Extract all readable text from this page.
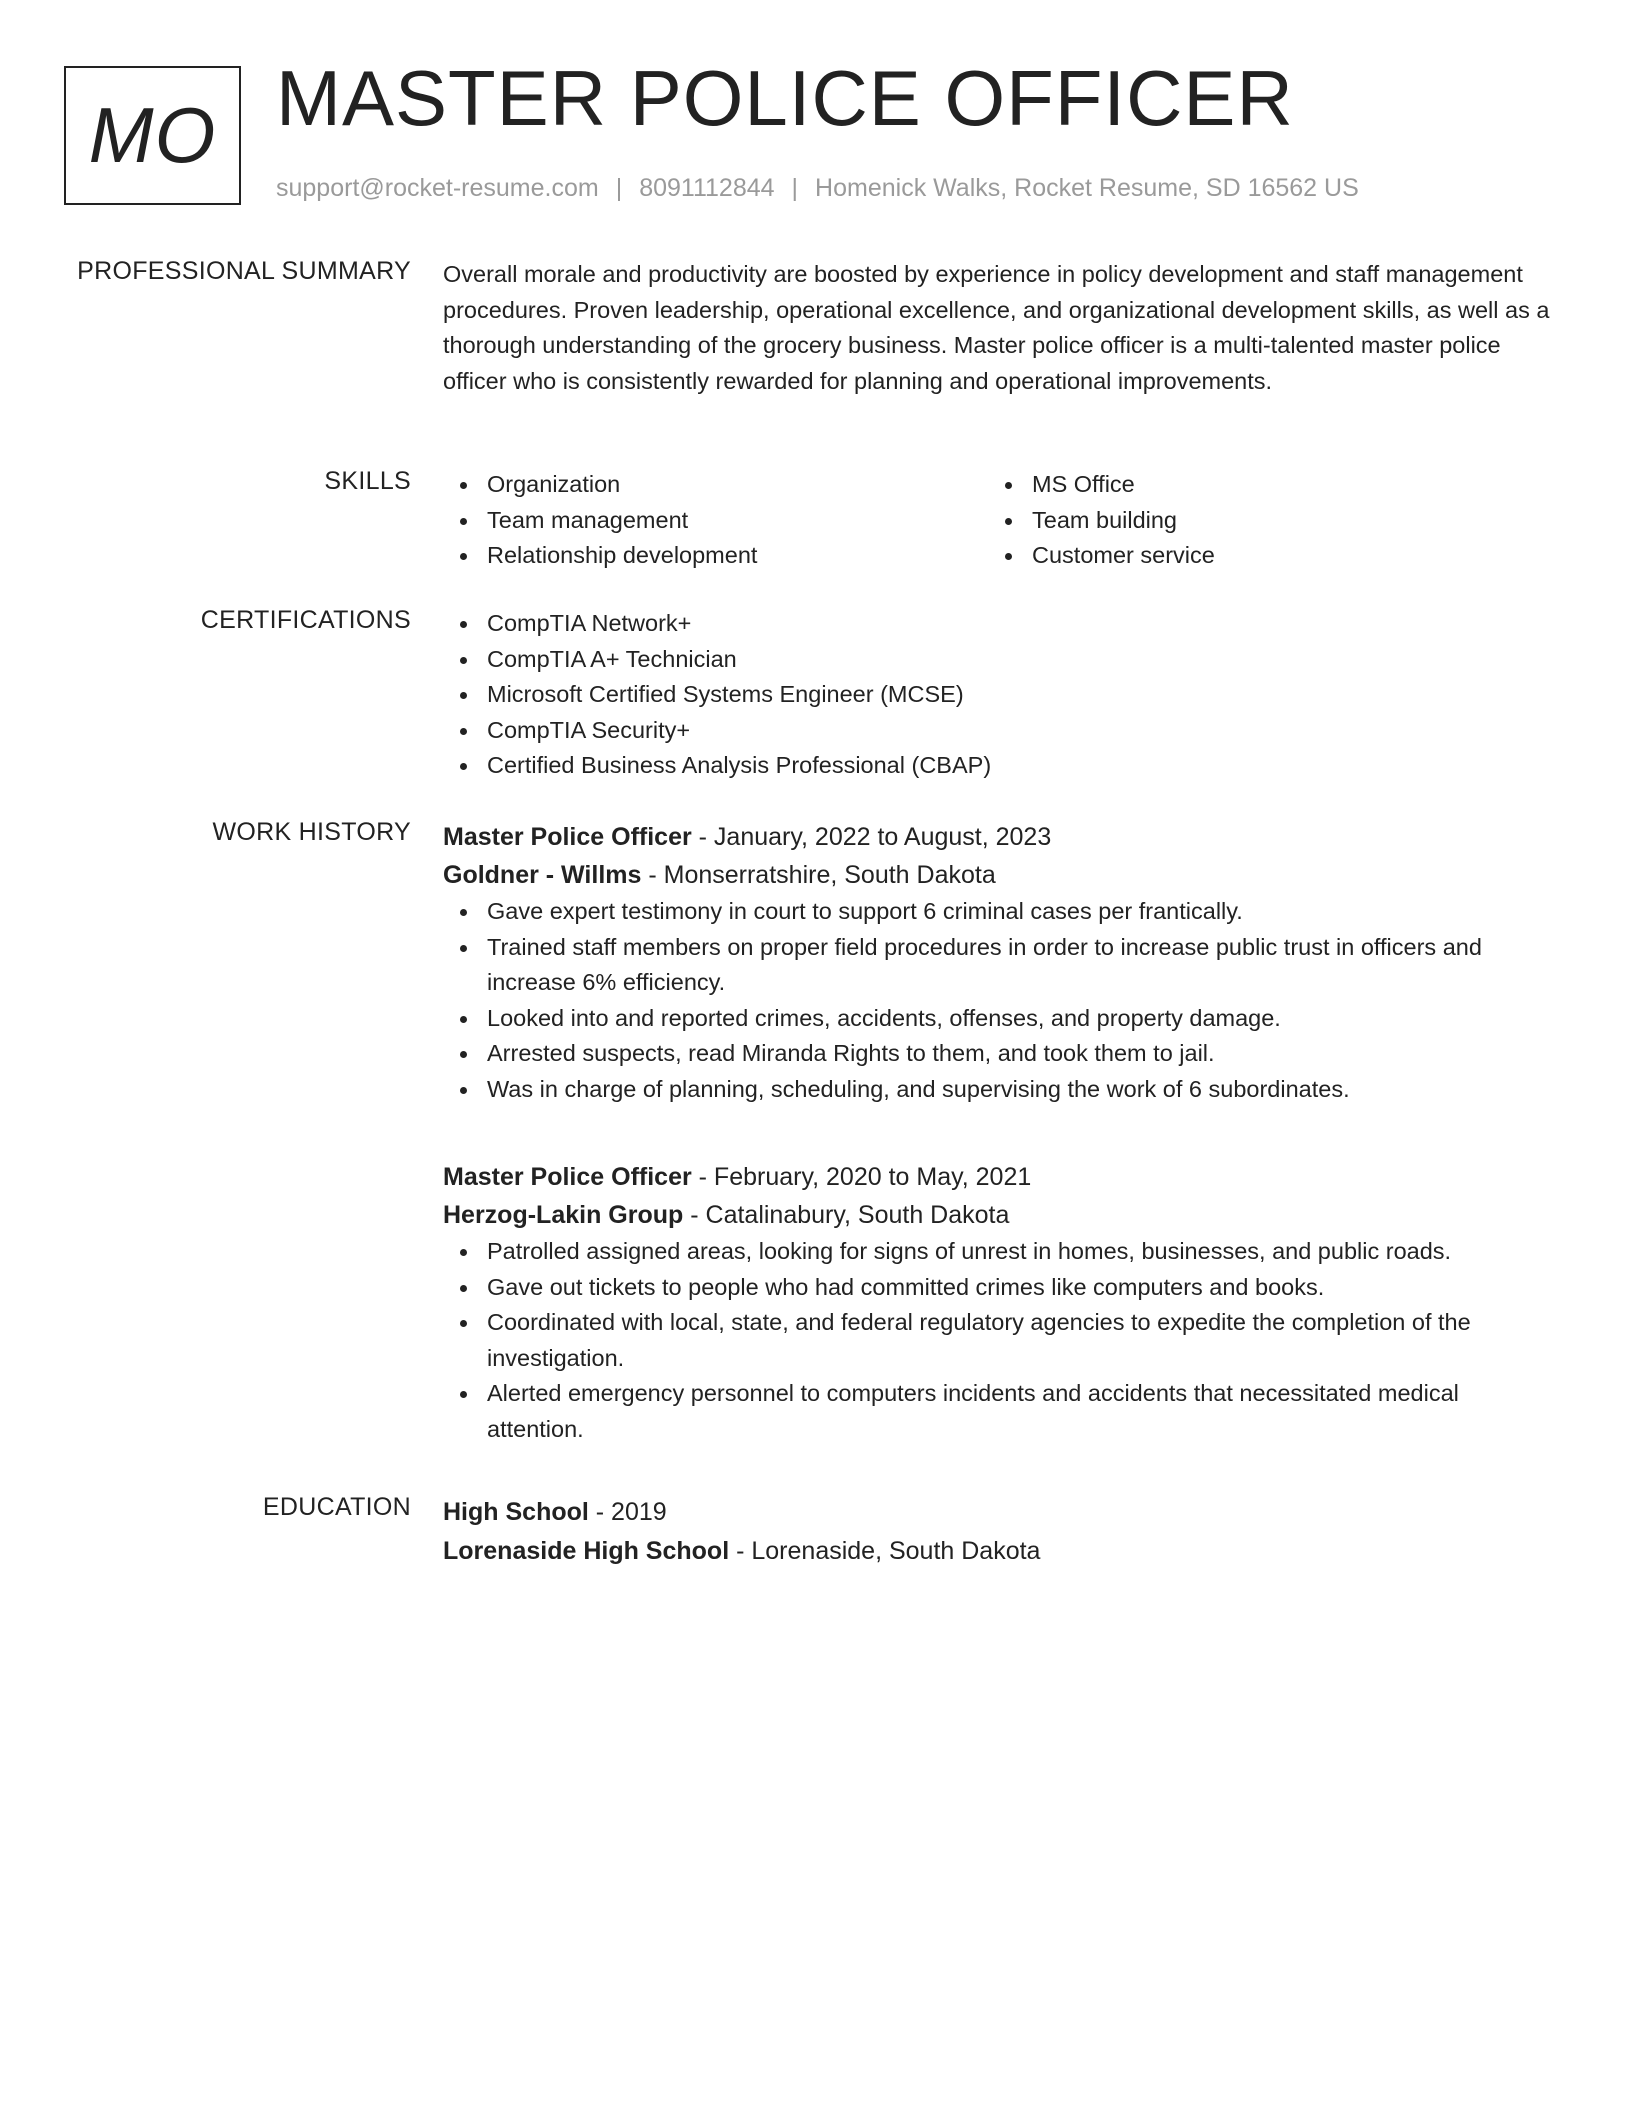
MO MASTER POLICE OFFICER
support@rocket-resume.com | 8091112844 | Homenick Walks, Rocket Resume, SD 16562 US
PROFESSIONAL SUMMARY Overall morale and productivity are boosted by experience in policy development and staff management procedures. Proven leadership, operational excellence, and organizational development skills, as well as a thorough understanding of the grocery business. Master police officer is a multi-talented master police officer who is consistently rewarded for planning and operational improvements.
SKILLS	Organization
Team management
Relationship development
MS Office
Team building
Customer service
CERTIFICATIONS	CompTIA Network+
CompTIA A+ Technician
Microsoft Certified Systems Engineer (MCSE)
CompTIA Security+
Certified Business Analysis Professional (CBAP)
WORK HISTORY Master Police Officer - January, 2022 to August, 2023
Goldner - Willms - Monserratshire, South Dakota
Gave expert testimony in court to support 6 criminal cases per frantically.
Trained staff members on proper field procedures in order to increase public trust in officers and increase 6% efficiency.
Looked into and reported crimes, accidents, offenses, and property damage.
Arrested suspects, read Miranda Rights to them, and took them to jail.
Was in charge of planning, scheduling, and supervising the work of 6 subordinates.
Master Police Officer - February, 2020 to May, 2021
Herzog-Lakin Group - Catalinabury, South Dakota
Patrolled assigned areas, looking for signs of unrest in homes, businesses, and public roads.
Gave out tickets to people who had committed crimes like computers and books.
Coordinated with local, state, and federal regulatory agencies to expedite the completion of the investigation.
Alerted emergency personnel to computers incidents and accidents that necessitated medical attention.
EDUCATION High School - 2019
Lorenaside High School - Lorenaside, South Dakota
